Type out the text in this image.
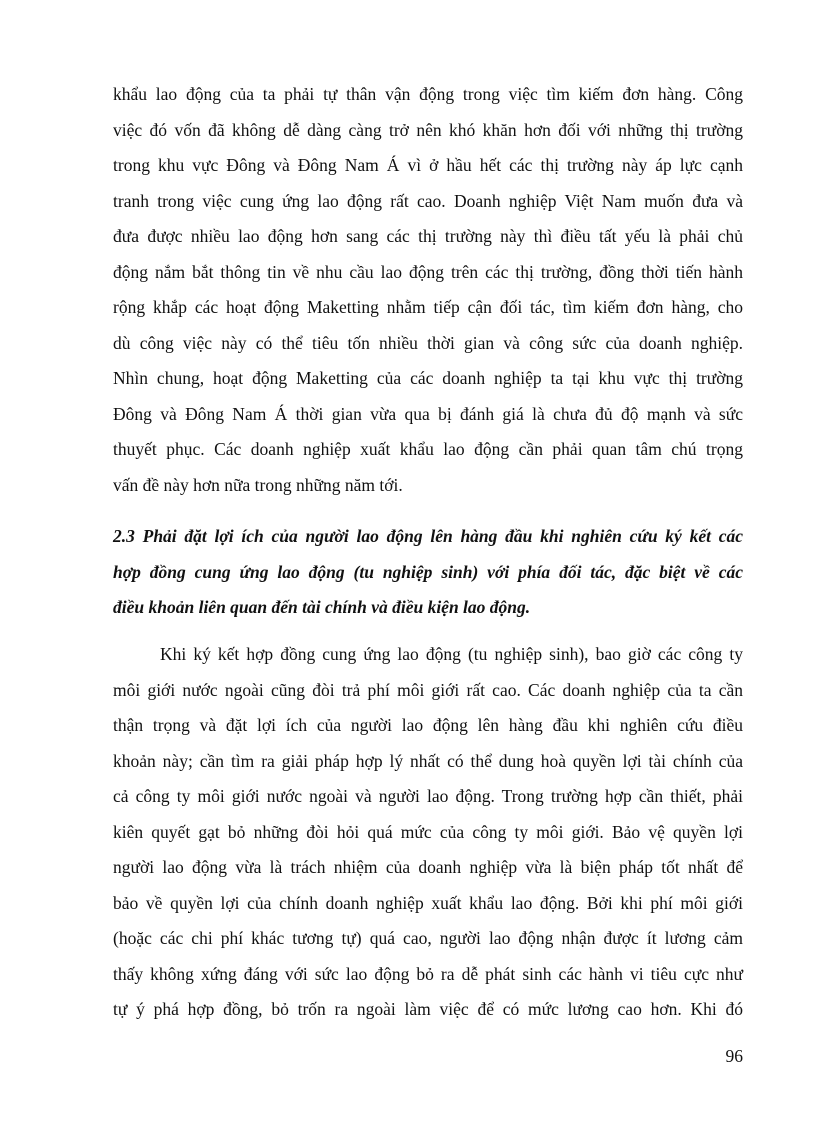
khẩu lao động của ta phải tự thân vận động trong việc tìm kiếm đơn hàng. Công
việc đó vốn đã không dễ dàng càng trở nên khó khăn hơn đối với những thị trường
trong khu vực Đông và Đông Nam Á vì ở hầu hết các thị trường này áp lực cạnh
tranh trong việc cung ứng lao động rất cao. Doanh nghiệp Việt Nam muốn đưa và
đưa được nhiều lao động hơn sang các thị trường này thì điều tất yếu là phải chủ
động nắm bắt thông tin về nhu cầu lao động trên các thị trường, đồng thời tiến hành
rộng khắp các hoạt động Maketting nhằm tiếp cận đối tác, tìm kiếm đơn hàng, cho
dù công việc này có thể tiêu tốn nhiều thời gian và công sức của doanh nghiệp.
Nhìn chung, hoạt động Maketting của các doanh nghiệp ta tại khu vực thị trường
Đông và Đông Nam Á thời gian vừa qua bị đánh giá là chưa đủ độ mạnh và sức
thuyết phục. Các doanh nghiệp xuất khẩu lao động cần phải quan tâm chú trọng
vấn đề này hơn nữa trong những năm tới.
2.3 Phải đặt lợi ích của người lao động lên hàng đầu khi nghiên cứu ký kết các
hợp đồng cung ứng lao động (tu nghiệp sinh) với phía đối tác, đặc biệt về các
điều khoản liên quan đến tài chính và điều kiện lao động.
Khi ký kết hợp đồng cung ứng lao động (tu nghiệp sinh), bao giờ các công ty
môi giới nước ngoài cũng đòi trả phí môi giới rất cao. Các doanh nghiệp của ta cần
thận trọng và đặt lợi ích của người lao động lên hàng đầu khi nghiên cứu điều
khoản này; cần tìm ra giải pháp hợp lý nhất có thể dung hoà quyền lợi tài chính của
cả công ty môi giới nước ngoài và người lao động. Trong trường hợp cần thiết, phải
kiên quyết gạt bỏ những đòi hỏi quá mức của công ty môi giới. Bảo vệ quyền lợi
người lao động vừa là trách nhiệm của doanh nghiệp vừa là biện pháp tốt nhất để
bảo về quyền lợi của chính doanh nghiệp xuất khẩu lao động. Bởi khi phí môi giới
(hoặc các chi phí khác tương tự) quá cao, người lao động nhận được ít lương cảm
thấy không xứng đáng với sức lao động bỏ ra dễ phát sinh các hành vi tiêu cực như
tự ý phá hợp đồng, bỏ trốn ra ngoài làm việc để có mức lương cao hơn. Khi đó
96
